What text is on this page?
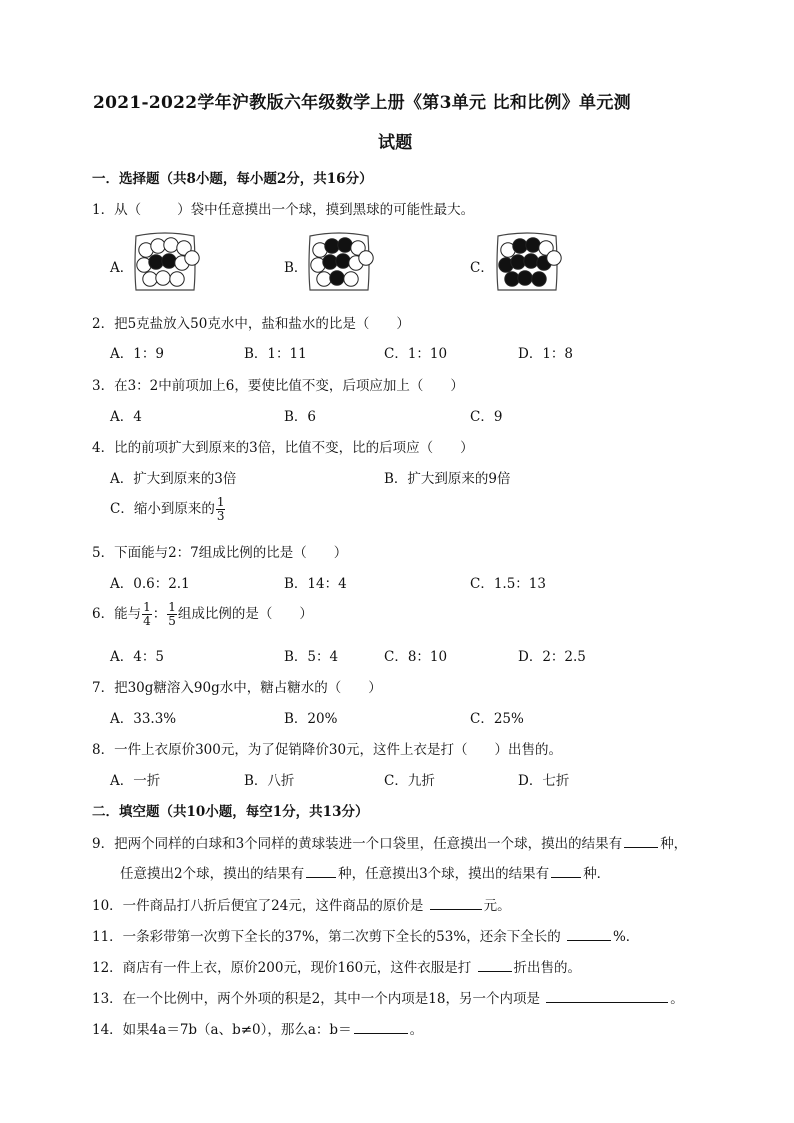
2021-2022学年沪教版六年级数学上册《第3单元 比和比例》单元测
试题
一．选择题（共8小题，每小题2分，共16分）
1．从（	）袋中任意摸出一个球，摸到黑球的可能性最大。
A．	B．	C．
2．把5克盐放入50克水中，盐和盐水的比是（　　）
A．1：9	B．1：11	C．1：10	D．1：8
3．在3：2中前项加上6，要使比值不变，后项应加上（　　）
A．4	B．6	C．9
4．比的前项扩大到原来的3倍，比值不变，比的后项应（　　）
A．扩大到原来的3倍	B．扩大到原来的9倍
C．缩小到原来的 $\frac{1}{3}$
5．下面能与2：7组成比例的比是（　　）
A．0.6：2.1	B．14：4	C．1.5：13
6．能与 $\frac{1}{4}$ ： $\frac{1}{5}$ 组成比例的是（　　）
A．4：5	B．5：4	C．8：10	D．2：2.5
7．把30g糖溶入90g水中，糖占糖水的（　　）
A．33.3%	B．20%	C．25%
8．一件上衣原价300元，为了促销降价30元，这件上衣是打（　　）出售的。
A．一折	B．八折	C．九折	D．七折
二．填空题（共10小题，每空1分，共13分）
9．把两个同样的白球和3个同样的黄球装进一个口袋里，任意摸出一个球，摸出的结果有	种，
任意摸出2个球，摸出的结果有	种，任意摸出3个球，摸出的结果有	种．
10．一件商品打八折后便宜了24元，这件商品的原价是	元。
11．一条彩带第一次剪下全长的37%，第二次剪下全长的53%，还余下全长的	%．
12．商店有一件上衣，原价200元，现价160元，这件衣服是打	折出售的。
13．在一个比例中，两个外项的积是2，其中一个内项是18，另一个内项是	。
14．如果4a＝7b（a、b≠0），那么a：b＝	。
